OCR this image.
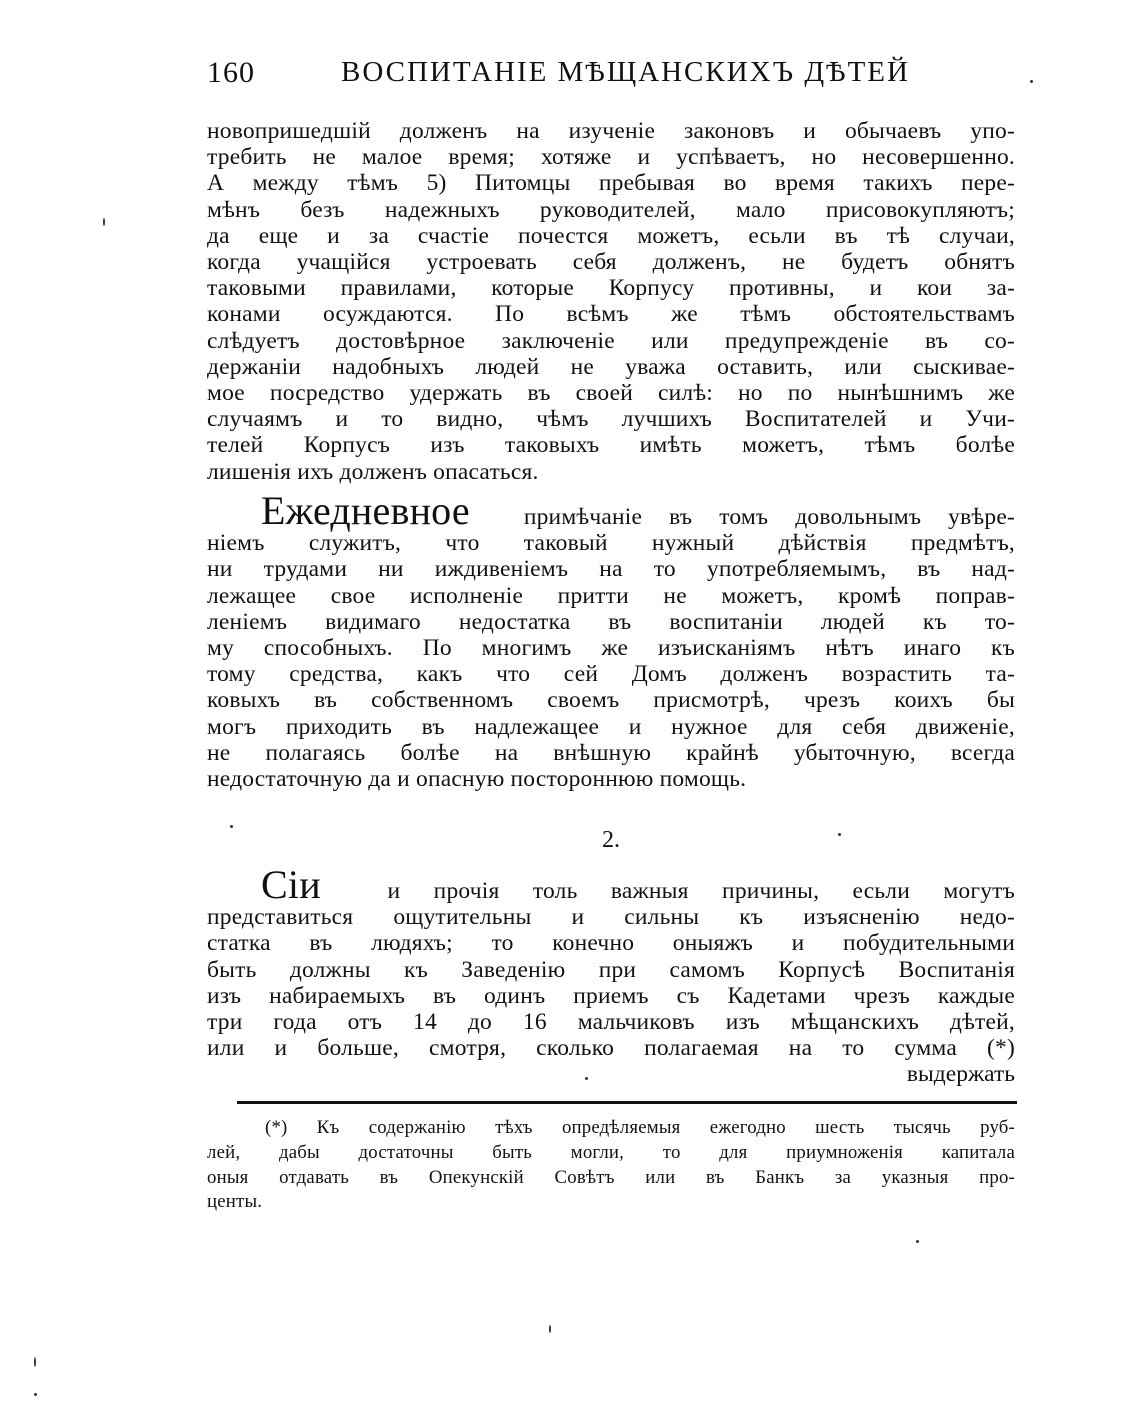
160	ВОСПИТАНІЕ МѢЩАНСКИХЪ ДѢТЕЙ
новопришедшій долженъ на изученіе законовъ и обычаевъ упо-
требить не малое время; хотяже и успѣваетъ, но несовершенно.
А между тѣмъ 5) Питомцы пребывая во время такихъ пере-
мѣнъ безъ надежныхъ руководителей, мало присовокупляютъ;
да еще и за счастіе почестся можетъ, есьли въ тѣ случаи,
когда учащійся устроевать себя долженъ, не будетъ обнятъ
таковыми правилами, которые Корпусу противны, и кои за-
конами осуждаются. По всѣмъ же тѣмъ обстоятельствамъ
слѣдуетъ достовѣрное заключеніе или предупрежденіе въ со-
держаніи надобныхъ людей не уважа оставить, или сыскивае-
мое посредство удержать въ своей силѣ: но по нынѣшнимъ же
случаямъ и то видно, чѣмъ лучшихъ Воспитателей и Учи-
телей Корпусъ изъ таковыхъ имѣть можетъ, тѣмъ болѣе
лишенія ихъ долженъ опасаться.
Ежедневное примѣчаніе въ томъ довольнымъ увѣре-
ніемъ служитъ, что таковый нужный дѣйствія предмѣтъ,
ни трудами ни иждивеніемъ на то употребляемымъ, въ над-
лежащее свое исполненіе притти не можетъ, кромѣ поправ-
леніемъ видимаго недостатка въ воспитаніи людей къ то-
му способныхъ. По многимъ же изъисканіямъ нѣтъ инаго къ
тому средства, какъ что сей Домъ долженъ возрастить та-
ковыхъ въ собственномъ своемъ присмотрѣ, чрезъ коихъ бы
могъ приходить въ надлежащее и нужное для себя движеніе,
не полагаясь болѣе на внѣшную крайнѣ убыточную, всегда
недостаточную да и опасную постороннюю помощь.
2.
Сіи	и прочія толь важныя причины, есьли могутъ
представиться ощутительны и сильны къ изъясненію недо-
статка въ людяхъ; то конечно оныяжъ и побудительными
быть должны къ Заведенію при самомъ Корпусѣ Воспитанія
изъ набираемыхъ въ одинъ приемъ съ Кадетами чрезъ каждые
три года отъ 14 до 16 мальчиковъ изъ мѣщанскихъ дѣтей,
или и больше, смотря, сколько полагаемая на то сумма (*)
выдержать
(*) Къ содержанію тѣхъ опредѣляемыя ежегодно шесть тысячь руб-
лей, дабы достаточны быть могли, то для приумноженія капитала
оныя отдавать въ Опекунскій Совѣтъ или въ Банкъ за указныя про-
центы.
